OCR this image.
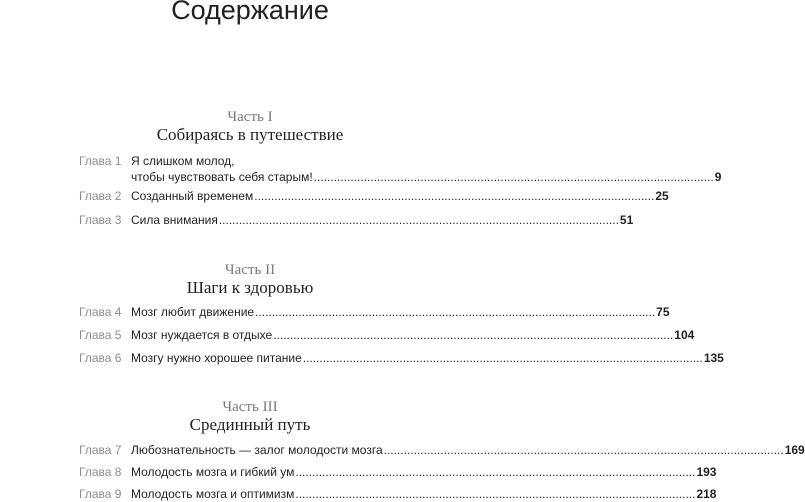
Содержание
Часть I
Собираясь в путешествие
Глава 1 Я слишком молод,
чтобы чувствовать себя старым! ........................................................................................................................ 9
Глава 2 Созданный временем ........................................................................................................................ 25
Глава 3 Сила внимания ........................................................................................................................ 51
Часть II
Шаги к здоровью
Глава 4 Мозг любит движение ........................................................................................................................ 75
Глава 5 Мозг нуждается в отдыхе ........................................................................................................................ 104
Глава 6 Мозгу нужно хорошее питание ........................................................................................................................ 135
Часть III
Срединный путь
Глава 7 Любознательность — залог молодости мозга ........................................................................................................................ 169
Глава 8 Молодость мозга и гибкий ум ........................................................................................................................ 193
Глава 9 Молодость мозга и оптимизм ........................................................................................................................ 218
